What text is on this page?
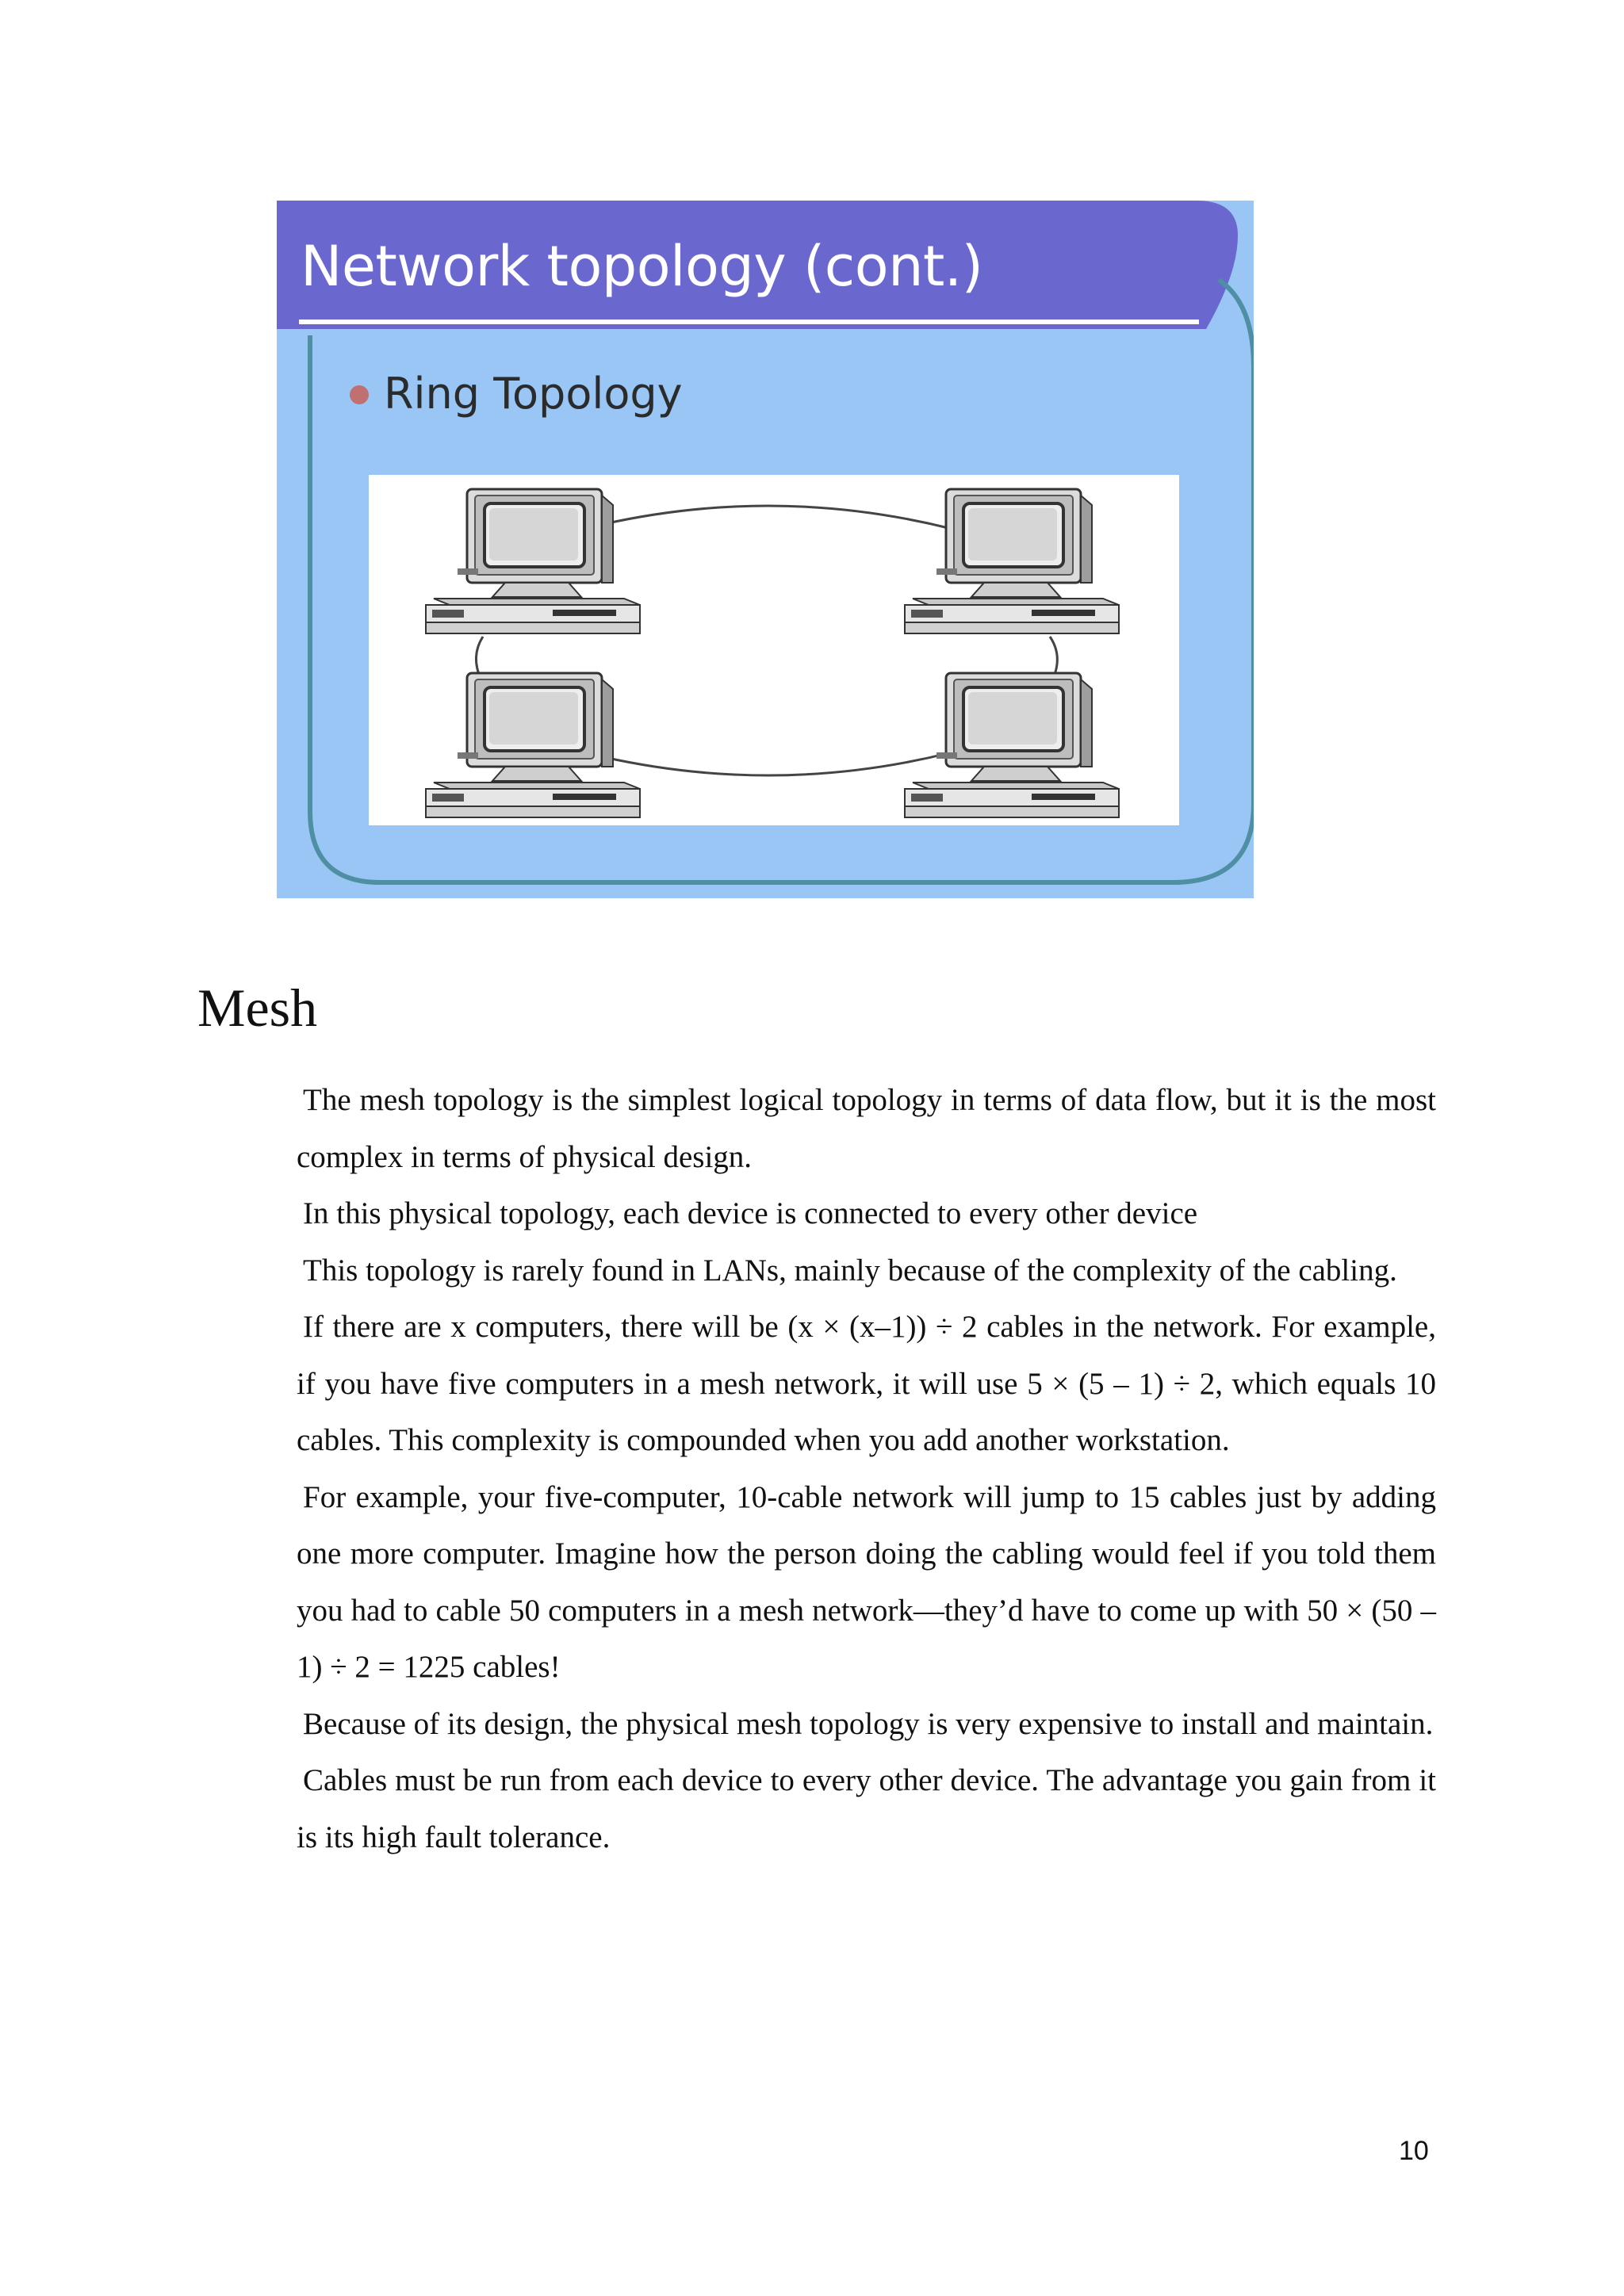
Network topology (cont.)
Ring Topology
Mesh

The mesh topology is the simplest logical topology in terms of data flow, but it is the most complex in terms of physical design.

In this physical topology, each device is connected to every other device

This topology is rarely found in LANs, mainly because of the complexity of the cabling.

If there are x computers, there will be (x × (x–1)) ÷ 2 cables in the network. For example, if you have five computers in a mesh network, it will use 5 × (5 – 1) ÷ 2, which equals 10 cables. This complexity is compounded when you add another workstation.

For example, your five-computer, 10-cable network will jump to 15 cables just by adding one more computer. Imagine how the person doing the cabling would feel if you told them you had to cable 50 computers in a mesh network—they’d have to come up with 50 × (50 – 1) ÷ 2 = 1225 cables!

Because of its design, the physical mesh topology is very expensive to install and maintain.

Cables must be run from each device to every other device. The advantage you gain from it is its high fault tolerance.

10
